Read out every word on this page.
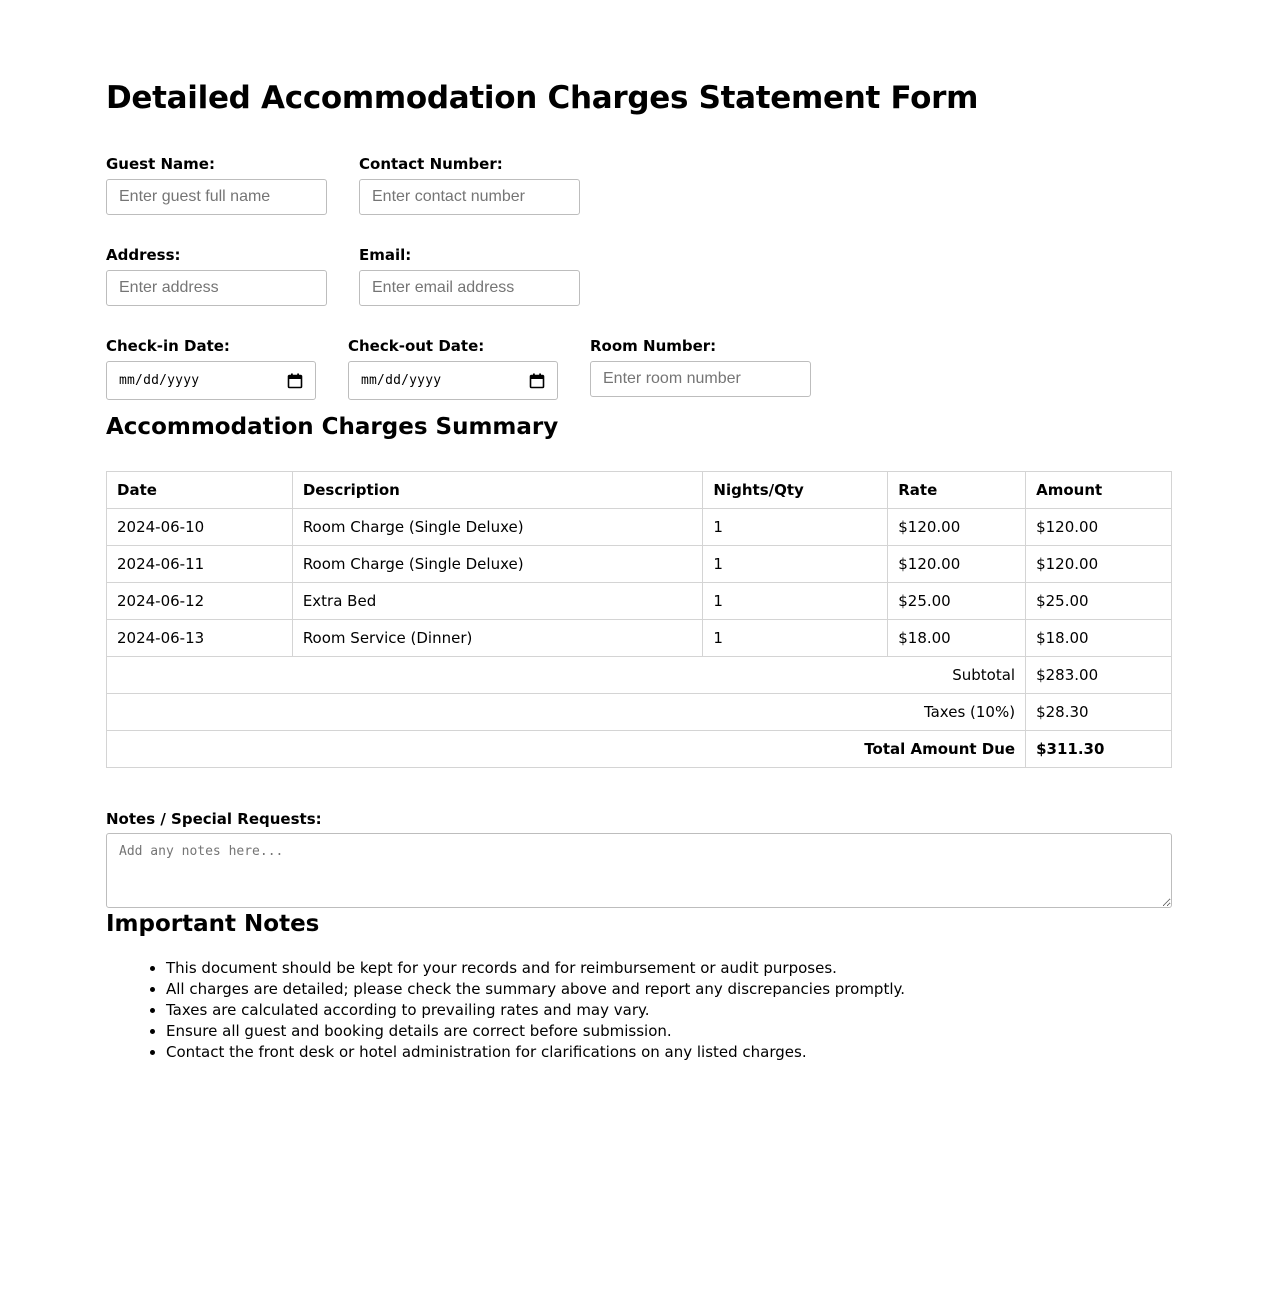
Detailed Accommodation Charges Statement Form
Guest Name:
Enter guest full name	Contact Number:
Enter contact number
Address:
Enter address	Email:
Enter email address
Check-in Date:
mm/dd/yyyy
Check-out Date:
mm/dd/yyyy
Room Number:
Enter room number
Accommodation Charges Summary
Date	Description	Nights/Qty	Rate	Amount
2024-06-10	Room Charge (Single Deluxe)	1	$120.00	$120.00
2024-06-11	Room Charge (Single Deluxe)	1	$120.00	$120.00
2024-06-12	Extra Bed	1	$25.00	$25.00
2024-06-13	Room Service (Dinner)	1	$18.00	$18.00
Subtotal				$283.00
Taxes (10%)				$28.30
Total Amount Due				$311.30
Notes / Special Requests:
Add any notes here...
Important Notes
• This document should be kept for your records and for reimbursement or audit purposes.
• All charges are detailed; please check the summary above and report any discrepancies promptly.
• Taxes are calculated according to prevailing rates and may vary.
• Ensure all guest and booking details are correct before submission.
• Contact the front desk or hotel administration for clarifications on any listed charges.
